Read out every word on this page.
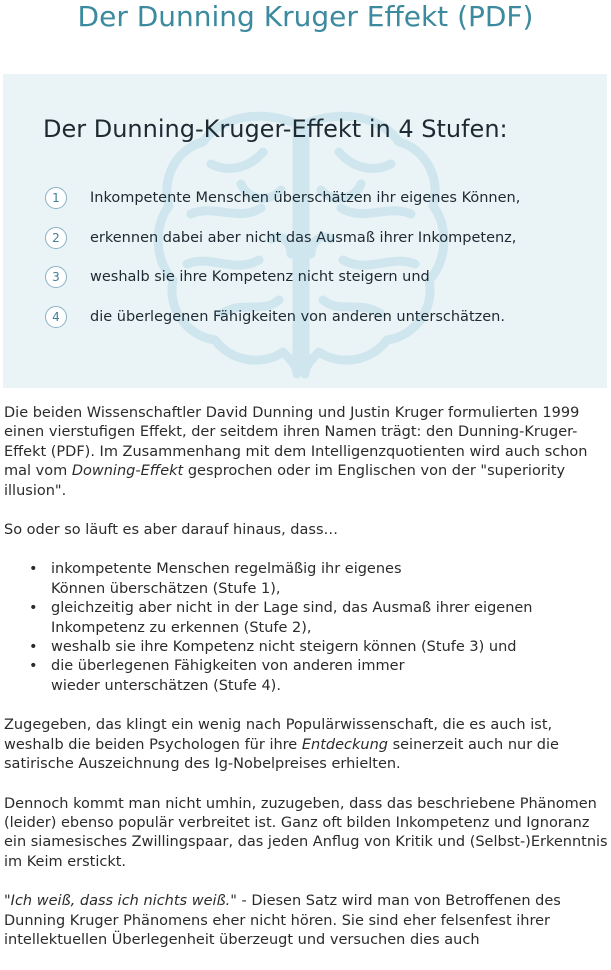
Der Dunning Kruger Effekt (PDF)
Der Dunning-Kruger-Effekt in 4 Stufen:
1	Inkompetente Menschen überschätzen ihr eigenes Können,
2	erkennen dabei aber nicht das Ausmaß ihrer Inkompetenz,
3	weshalb sie ihre Kompetenz nicht steigern und
4	die überlegenen Fähigkeiten von anderen unterschätzen.

Die beiden Wissenschaftler David Dunning und Justin Kruger formulierten 1999 einen vierstufigen Effekt, der seitdem ihren Namen trägt: den Dunning-Kruger-Effekt (PDF). Im Zusammenhang mit dem Intelligenzquotienten wird auch schon mal vom Downing-Effekt gesprochen oder im Englischen von der "superiority illusion".

So oder so läuft es aber darauf hinaus, dass…

• inkompetente Menschen regelmäßig ihr eigenes
Können überschätzen (Stufe 1),
• gleichzeitig aber nicht in der Lage sind, das Ausmaß ihrer eigenen
Inkompetenz zu erkennen (Stufe 2),
• weshalb sie ihre Kompetenz nicht steigern können (Stufe 3) und
• die überlegenen Fähigkeiten von anderen immer
wieder unterschätzen (Stufe 4).

Zugegeben, das klingt ein wenig nach Populärwissenschaft, die es auch ist, weshalb die beiden Psychologen für ihre Entdeckung seinerzeit auch nur die satirische Auszeichnung des Ig-Nobelpreises erhielten.

Dennoch kommt man nicht umhin, zuzugeben, dass das beschriebene Phänomen (leider) ebenso populär verbreitet ist. Ganz oft bilden Inkompetenz und Ignoranz ein siamesisches Zwillingspaar, das jeden Anflug von Kritik und (Selbst-)Erkenntnis im Keim erstickt.

"Ich weiß, dass ich nichts weiß." - Diesen Satz wird man von Betroffenen des Dunning Kruger Phänomens eher nicht hören. Sie sind eher felsenfest ihrer intellektuellen Überlegenheit überzeugt und versuchen dies auch
